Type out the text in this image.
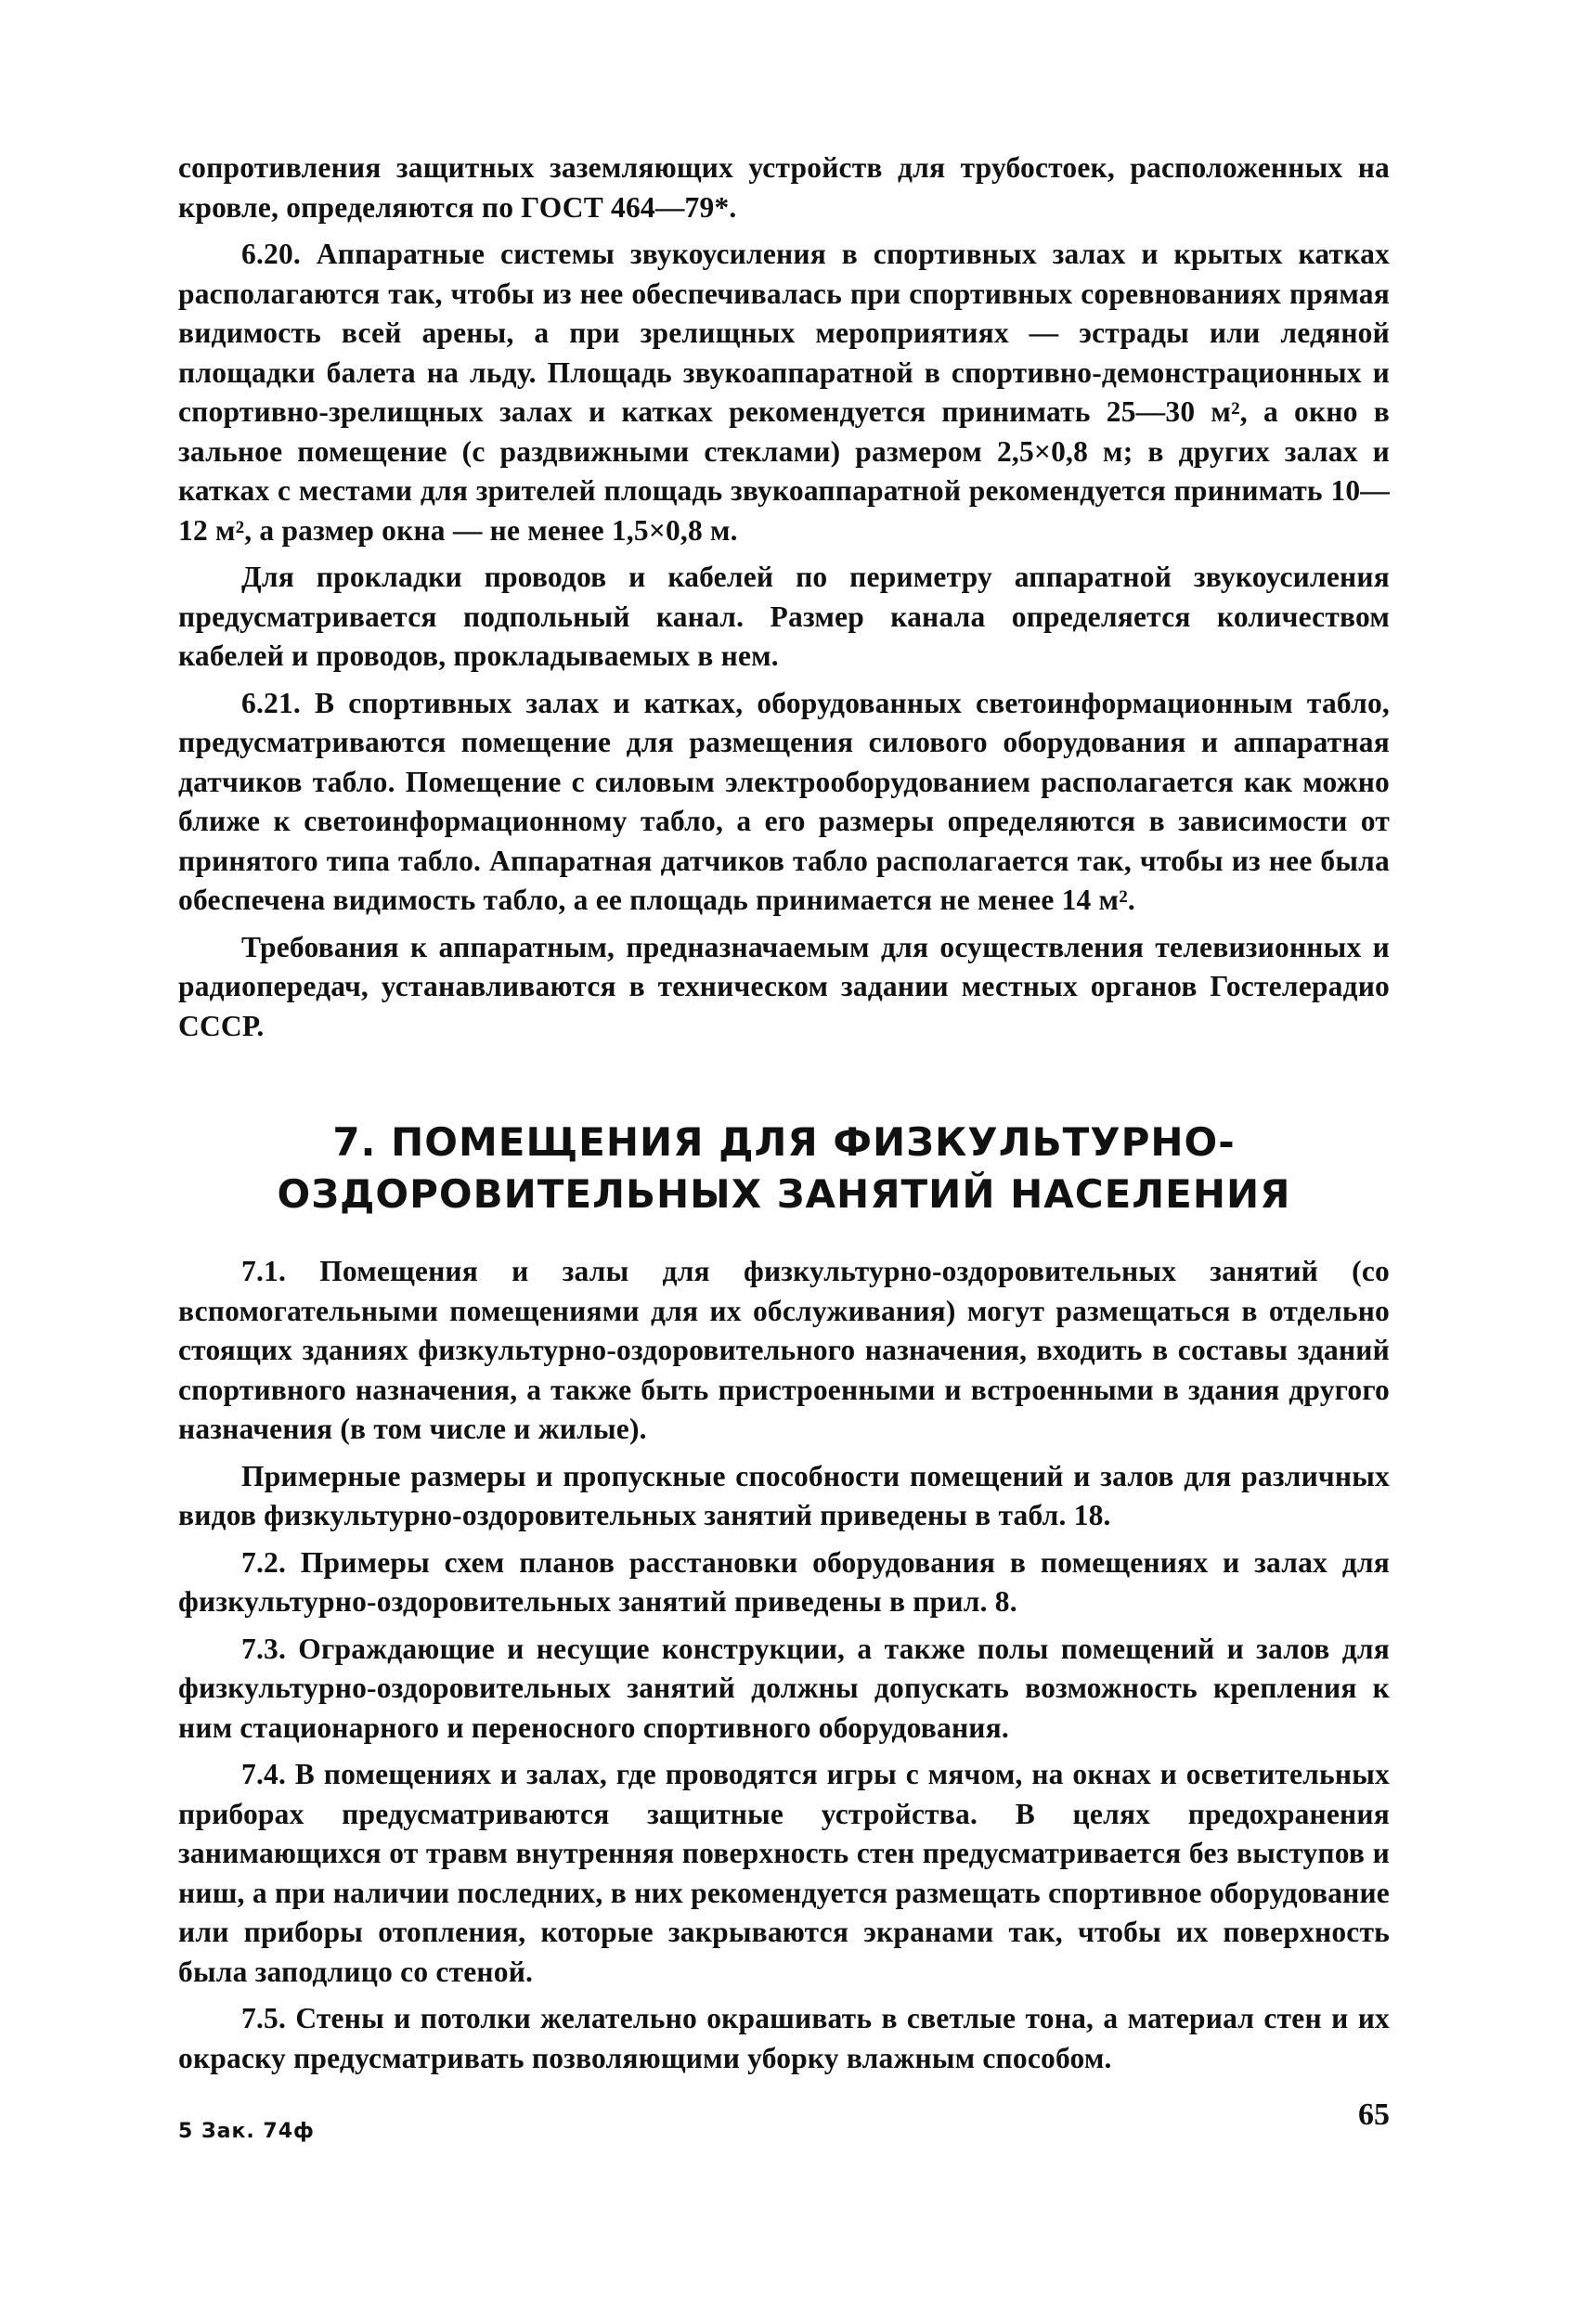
сопротивления защитных заземляющих устройств для трубостоек, расположенных на кровле, определяются по ГОСТ 464—79*.

6.20. Аппаратные системы звукоусиления в спортивных залах и крытых катках располагаются так, чтобы из нее обеспечивалась при спортивных соревнованиях прямая видимость всей арены, а при зрелищных мероприятиях — эстрады или ледяной площадки балета на льду. Площадь звукоаппаратной в спортивно-демонстрационных и спортивно-зрелищных залах и катках рекомендуется принимать 25—30 м², а окно в зальное помещение (с раздвижными стеклами) размером 2,5×0,8 м; в других залах и катках с местами для зрителей площадь звукоаппаратной рекомендуется принимать 10—12 м², а размер окна — не менее 1,5×0,8 м.

Для прокладки проводов и кабелей по периметру аппаратной звукоусиления предусматривается подпольный канал. Размер канала определяется количеством кабелей и проводов, прокладываемых в нем.

6.21. В спортивных залах и катках, оборудованных светоинформационным табло, предусматриваются помещение для размещения силового оборудования и аппаратная датчиков табло. Помещение с силовым электрооборудованием располагается как можно ближе к светоинформационному табло, а его размеры определяются в зависимости от принятого типа табло. Аппаратная датчиков табло располагается так, чтобы из нее была обеспечена видимость табло, а ее площадь принимается не менее 14 м².

Требования к аппаратным, предназначаемым для осуществления телевизионных и радиопередач, устанавливаются в техническом задании местных органов Гостелерадио СССР.

7. ПОМЕЩЕНИЯ ДЛЯ ФИЗКУЛЬТУРНО-
ОЗДОРОВИТЕЛЬНЫХ ЗАНЯТИЙ НАСЕЛЕНИЯ

7.1. Помещения и залы для физкультурно-оздоровительных занятий (со вспомогательными помещениями для их обслуживания) могут размещаться в отдельно стоящих зданиях физкультурно-оздоровительного назначения, входить в составы зданий спортивного назначения, а также быть пристроенными и встроенными в здания другого назначения (в том числе и жилые).

Примерные размеры и пропускные способности помещений и залов для различных видов физкультурно-оздоровительных занятий приведены в табл. 18.

7.2. Примеры схем планов расстановки оборудования в помещениях и залах для физкультурно-оздоровительных занятий приведены в прил. 8.

7.3. Ограждающие и несущие конструкции, а также полы помещений и залов для физкультурно-оздоровительных занятий должны допускать возможность крепления к ним стационарного и переносного спортивного оборудования.

7.4. В помещениях и залах, где проводятся игры с мячом, на окнах и осветительных приборах предусматриваются защитные устройства. В целях предохранения занимающихся от травм внутренняя поверхность стен предусматривается без выступов и ниш, а при наличии последних, в них рекомендуется размещать спортивное оборудование или приборы отопления, которые закрываются экранами так, чтобы их поверхность была заподлицо со стеной.

7.5. Стены и потолки желательно окрашивать в светлые тона, а материал стен и их окраску предусматривать позволяющими уборку влажным способом.

5 Зак. 74ф	65
